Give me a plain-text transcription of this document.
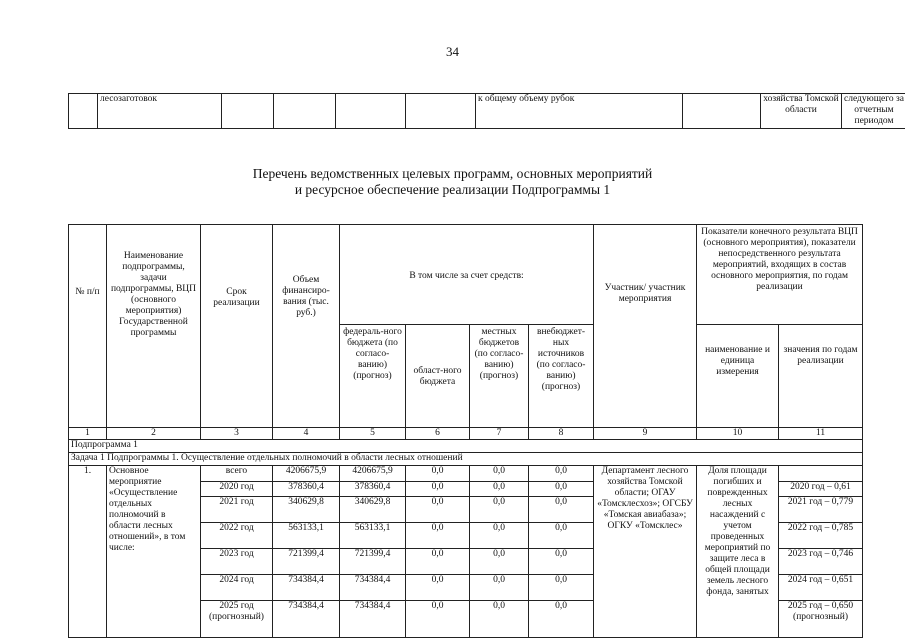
34
	лесозаготовок					к общему объему рубок		хозяйства Томской области	следующего за отчетным периодом
Перечень ведомственных целевых программ, основных мероприятий
и ресурсное обеспечение реализации Подпрограммы 1
№ п/п	Наименование подпрограммы, задачи подпрограммы, ВЦП (основного мероприятия) Государственной программы	Срок реализации	Объем финансиро-вания (тыс. руб.)	В том числе за счет средств:				Участник/ участник мероприятия	Показатели конечного результата ВЦП (основного мероприятия), показатели непосредственного результата мероприятий, входящих в состав основного мероприятия, по годам реализации	
				федераль-ного бюджета (по согласо-ванию) (прогноз)	област-ного бюджета	местных бюджетов (по согласо-ванию) (прогноз)	внебюджет-ных источников (по согласо-ванию) (прогноз)		наименование и единица измерения	значения по годам реализации
1	2	3	4	5	6	7	8	9	10	11
Подпрограмма 1										
Задача 1 Подпрограммы 1. Осуществление отдельных полномочий в области лесных отношений										
1.	Основное мероприятие «Осуществление отдельных полномочий в области лесных отношений», в том числе:	всего	4206675,9	4206675,9	0,0	0,0	0,0	Департамент лесного хозяйства Томской области; ОГАУ «Томсклесхоз»; ОГСБУ «Томская авиабаза»; ОГКУ «Томсклес»	Доля площади погибших и поврежденных лесных насаждений с учетом проведенных мероприятий по защите леса в общей площади земель лесного фонда, занятых	
		2020 год	378360,4	378360,4	0,0	0,0	0,0			2020 год – 0,61
		2021 год	340629,8	340629,8	0,0	0,0	0,0			2021 год – 0,779
		2022 год	563133,1	563133,1	0,0	0,0	0,0			2022 год – 0,785
		2023 год	721399,4	721399,4	0,0	0,0	0,0			2023 год – 0,746
		2024 год	734384,4	734384,4	0,0	0,0	0,0			2024 год – 0,651
		2025 год (прогнозный)	734384,4	734384,4	0,0	0,0	0,0			2025 год – 0,650 (прогнозный)
